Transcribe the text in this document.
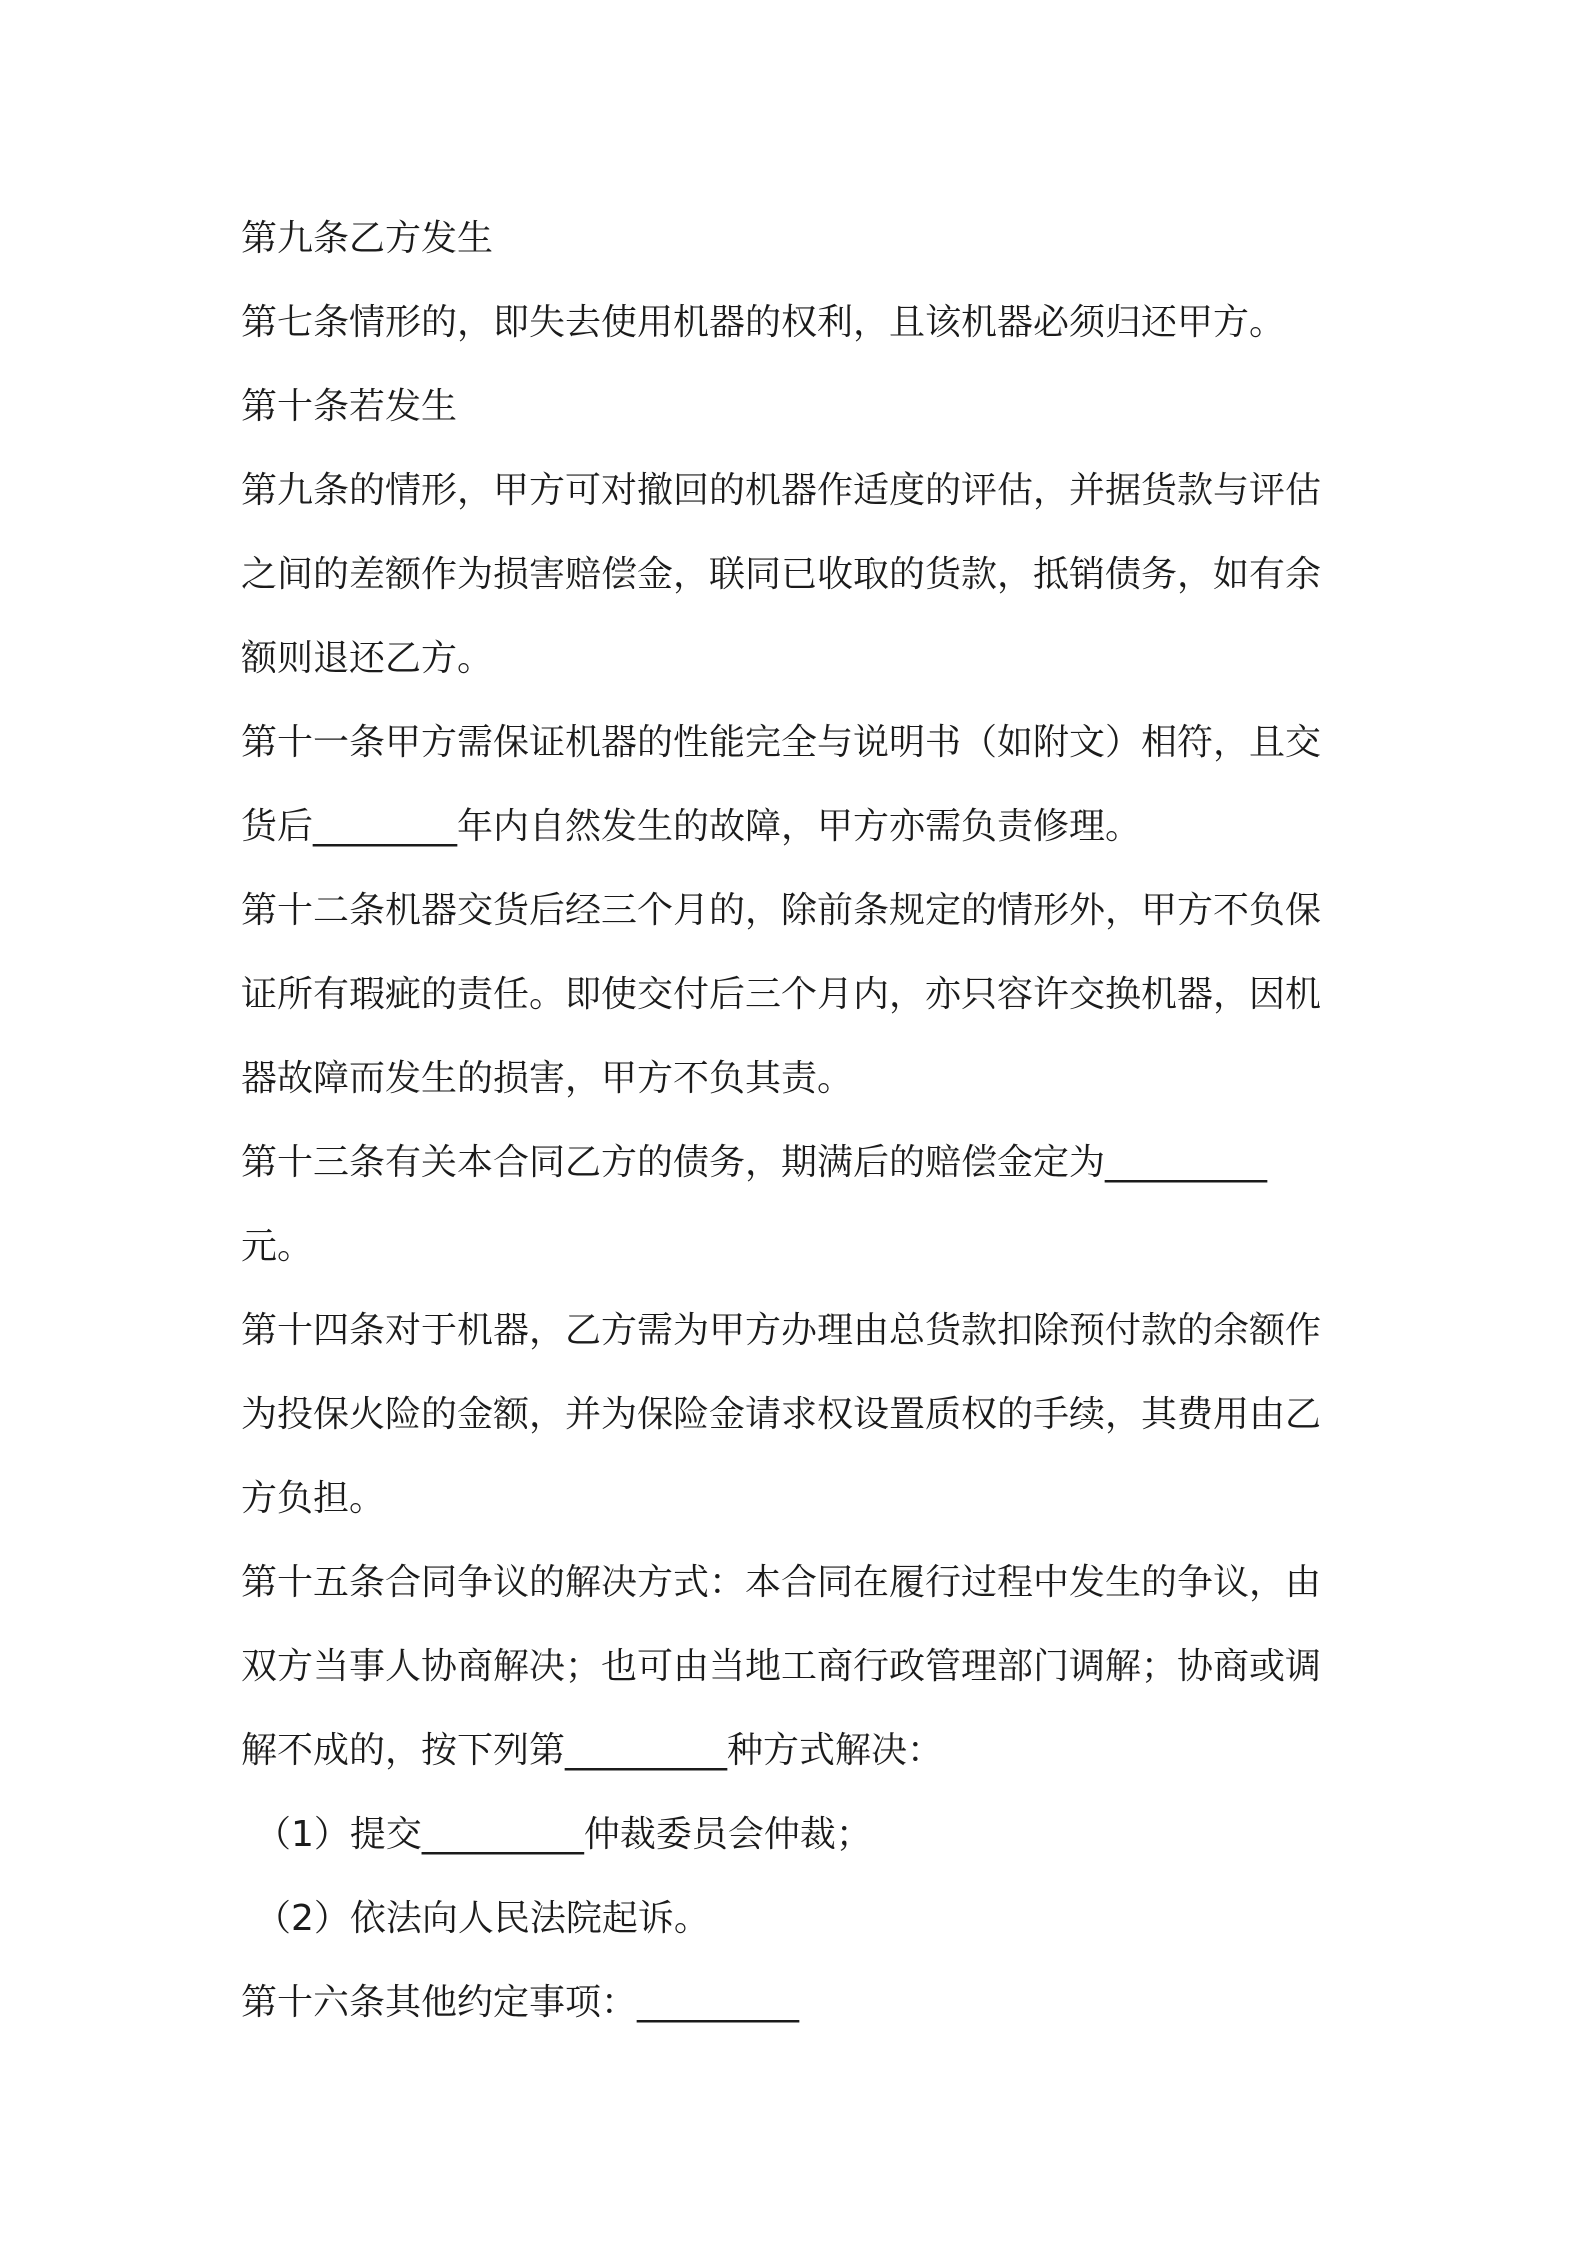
第九条乙方发生

第七条情形的，即失去使用机器的权利，且该机器必须归还甲方。

第十条若发生

第九条的情形，甲方可对撤回的机器作适度的评估，并据货款与评估
之间的差额作为损害赔偿金，联同已收取的货款，抵销债务，如有余
额则退还乙方。

第十一条甲方需保证机器的性能完全与说明书（如附文）相符，且交
货后________年内自然发生的故障，甲方亦需负责修理。

第十二条机器交货后经三个月的，除前条规定的情形外，甲方不负保
证所有瑕疵的责任。即使交付后三个月内，亦只容许交换机器，因机
器故障而发生的损害，甲方不负其责。

第十三条有关本合同乙方的债务，期满后的赔偿金定为_________
元。

第十四条对于机器，乙方需为甲方办理由总货款扣除预付款的余额作
为投保火险的金额，并为保险金请求权设置质权的手续，其费用由乙
方负担。

第十五条合同争议的解决方式：本合同在履行过程中发生的争议，由
双方当事人协商解决；也可由当地工商行政管理部门调解；协商或调
解不成的，按下列第_________种方式解决：

（1）提交_________仲裁委员会仲裁；

（2）依法向人民法院起诉。

第十六条其他约定事项：_________
